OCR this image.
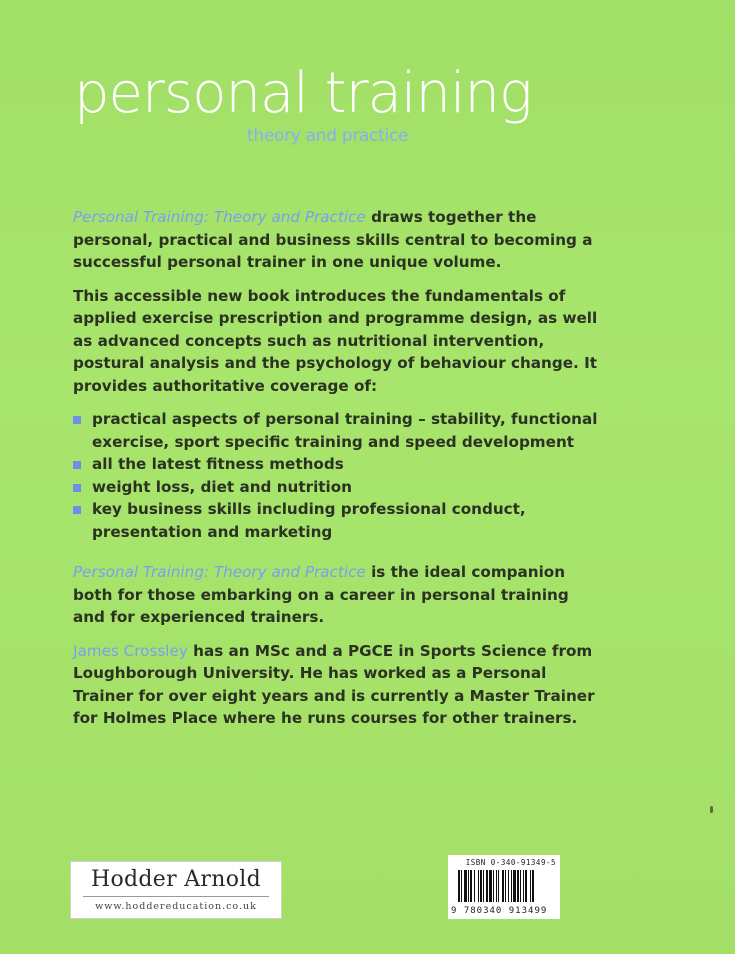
personal training
theory and practice

Personal Training: Theory and Practice draws together the personal, practical and business skills central to becoming a successful personal trainer in one unique volume.

This accessible new book introduces the fundamentals of applied exercise prescription and programme design, as well as advanced concepts such as nutritional intervention, postural analysis and the psychology of behaviour change. It provides authoritative coverage of:

practical aspects of personal training – stability, functional exercise, sport specific training and speed development
all the latest fitness methods
weight loss, diet and nutrition
key business skills including professional conduct, presentation and marketing

Personal Training: Theory and Practice is the ideal companion both for those embarking on a career in personal training and for experienced trainers.

James Crossley has an MSc and a PGCE in Sports Science from Loughborough University. He has worked as a Personal Trainer for over eight years and is currently a Master Trainer for Holmes Place where he runs courses for other trainers.

Hodder Arnold
www.hoddereducation.co.uk
ISBN 0-340-91349-5
9 780340 913499
